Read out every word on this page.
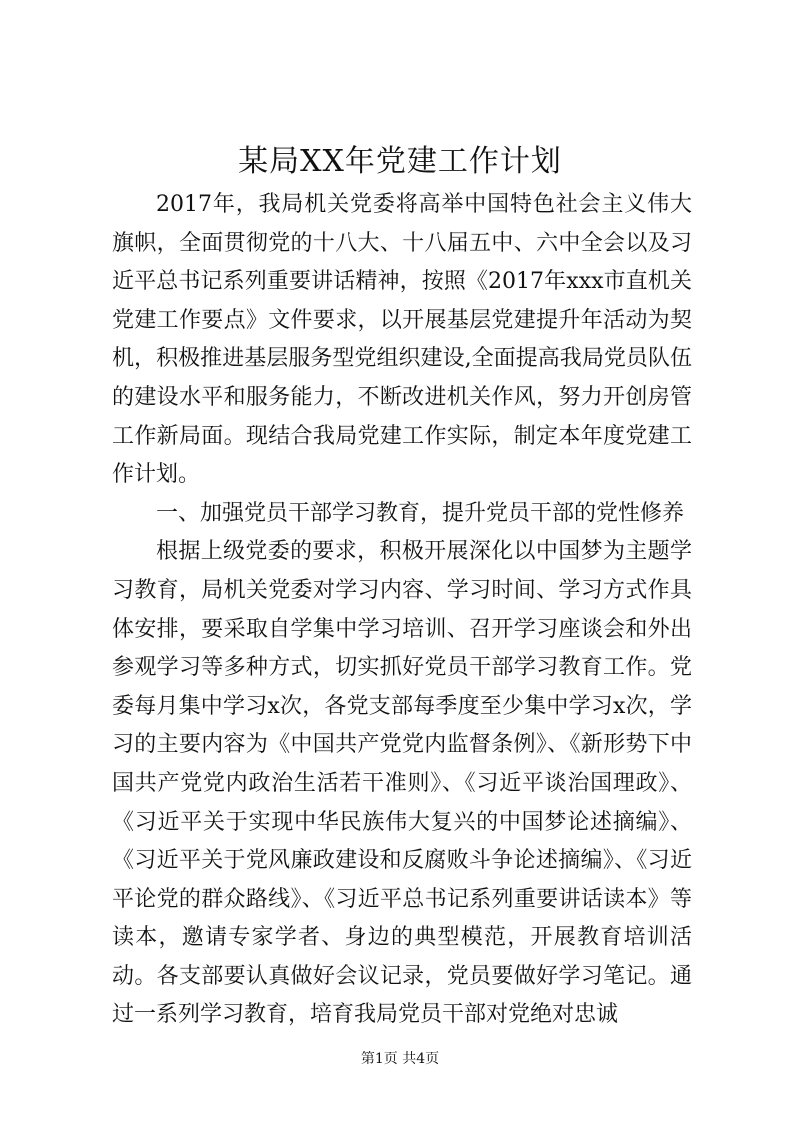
某局XX年党建工作计划

2017年，我局机关党委将高举中国特色社会主义伟大旗帜，全面贯彻党的十八大、十八届五中、六中全会以及习近平总书记系列重要讲话精神，按照《2017年xxx市直机关党建工作要点》文件要求，以开展基层党建提升年活动为契机，积极推进基层服务型党组织建设,全面提高我局党员队伍的建设水平和服务能力，不断改进机关作风，努力开创房管工作新局面。现结合我局党建工作实际，制定本年度党建工作计划。

一、加强党员干部学习教育，提升党员干部的党性修养

根据上级党委的要求，积极开展深化以中国梦为主题学习教育，局机关党委对学习内容、学习时间、学习方式作具体安排，要采取自学集中学习培训、召开学习座谈会和外出参观学习等多种方式，切实抓好党员干部学习教育工作。党委每月集中学习x次，各党支部每季度至少集中学习x次，学习的主要内容为《中国共产党党内监督条例》、《新形势下中国共产党党内政治生活若干准则》、《习近平谈治国理政》、《习近平关于实现中华民族伟大复兴的中国梦论述摘编》、《习近平关于党风廉政建设和反腐败斗争论述摘编》、《习近平论党的群众路线》、《习近平总书记系列重要讲话读本》等读本，邀请专家学者、身边的典型模范，开展教育培训活动。各支部要认真做好会议记录，党员要做好学习笔记。通过一系列学习教育，培育我局党员干部对党绝对忠诚

第1页 共4页
